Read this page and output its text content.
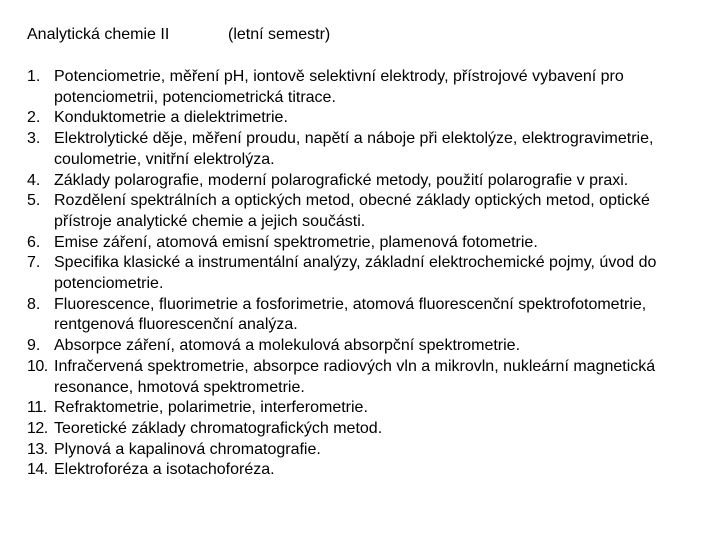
Analytická chemie II	(letní semestr)
1. Potenciometrie, měření pH, iontově selektivní elektrody, přístrojové vybavení pro potenciometrii, potenciometrická titrace.
2. Konduktometrie a dielektrimetrie.
3. Elektrolytické děje, měření proudu, napětí a náboje při elektolýze, elektrogravimetrie, coulometrie, vnitřní elektrolýza.
4. Základy polarografie, moderní polarografické metody, použití polarografie v praxi.
5. Rozdělení spektrálních a optických metod, obecné základy optických metod, optické přístroje analytické chemie a jejich součásti.
6. Emise záření, atomová emisní spektrometrie, plamenová fotometrie.
7. Specifika klasické a instrumentální analýzy, základní elektrochemické pojmy, úvod do potenciometrie.
8. Fluorescence, fluorimetrie a fosforimetrie, atomová fluorescenční spektrofotometrie, rentgenová fluorescenční analýza.
9. Absorpce záření, atomová a molekulová absorpční spektrometrie.
10. Infračervená spektrometrie, absorpce radiových vln a mikrovln, nukleární magnetická resonance, hmotová spektrometrie.
11. Refraktometrie, polarimetrie, interferometrie.
12. Teoretické základy chromatografických metod.
13. Plynová a kapalinová chromatografie.
14. Elektroforéza a isotachoforéza.
